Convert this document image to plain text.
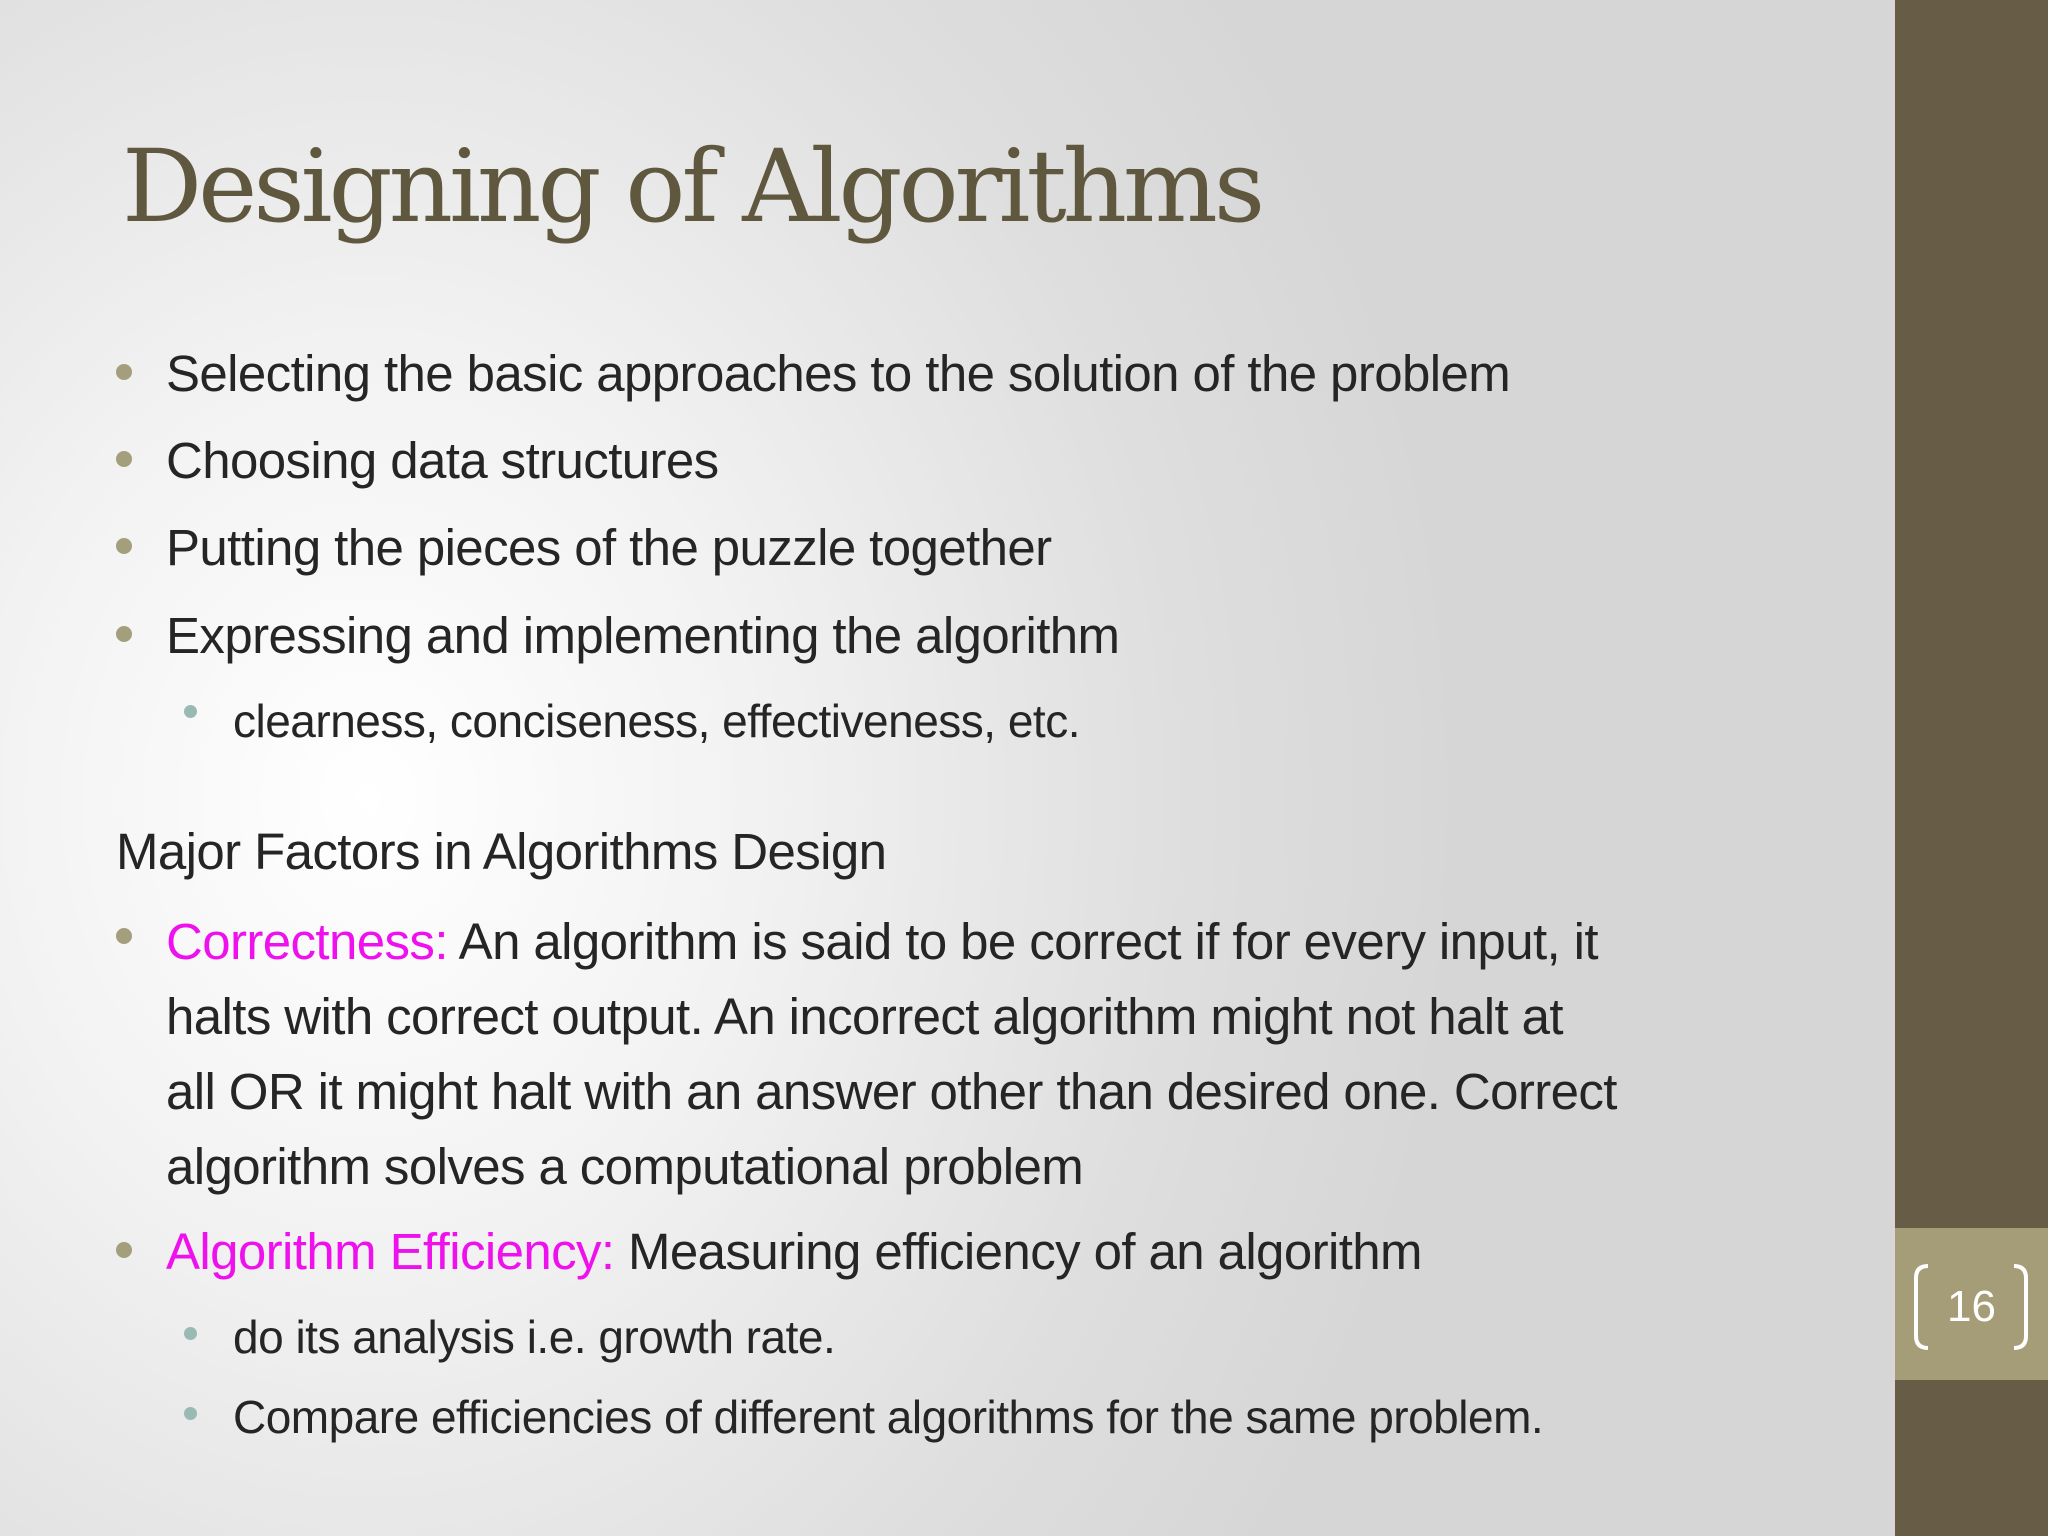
16
Designing of Algorithms

Selecting the basic approaches to the solution of the problem

Choosing data structures

Putting the pieces of the puzzle together

Expressing and implementing the algorithm

clearness, conciseness, effectiveness, etc.

Major Factors in Algorithms Design

Correctness: An algorithm is said to be correct if for every input, it
halts with correct output. An incorrect algorithm might not halt at
all OR it might halt with an answer other than desired one. Correct
algorithm solves a computational problem

Algorithm Efficiency: Measuring efficiency of an algorithm

do its analysis i.e. growth rate.

Compare efficiencies of different algorithms for the same problem.
